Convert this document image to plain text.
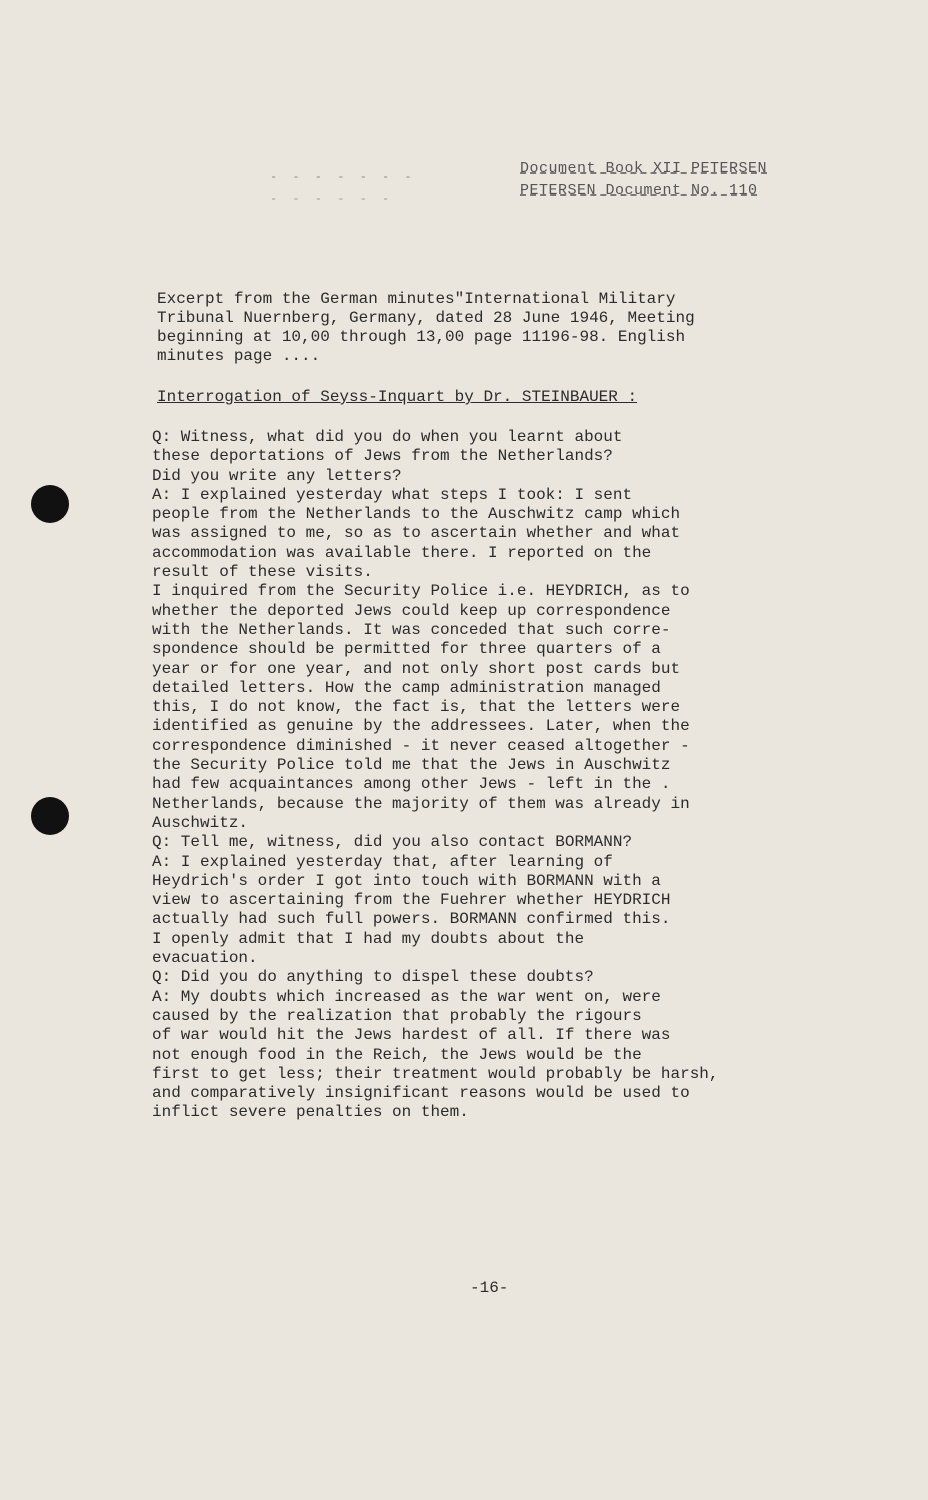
- - - - - - -
- - - - - -
Document Book XII PETERSEN
PETERSEN Document No. 110
Excerpt from the German minutes"International Military
Tribunal Nuernberg, Germany, dated 28 June 1946, Meeting
beginning at 10,00 through 13,00 page 11196-98. English
minutes page ....
Interrogation of Seyss-Inquart by Dr. STEINBAUER :
Q: Witness, what did you do when you learnt about
these deportations of Jews from the Netherlands?
Did you write any letters?
A: I explained yesterday what steps I took: I sent
people from the Netherlands to the Auschwitz camp which
was assigned to me, so as to ascertain whether and what
accommodation was available there. I reported on the
result of these visits.
I inquired from the Security Police i.e. HEYDRICH, as to
whether the deported Jews could keep up correspondence
with the Netherlands. It was conceded that such corre-
spondence should be permitted for three quarters of a
year or for one year, and not only short post cards but
detailed letters. How the camp administration managed
this, I do not know, the fact is, that the letters were
identified as genuine by the addressees. Later, when the
correspondence diminished - it never ceased altogether -
the Security Police told me that the Jews in Auschwitz
had few acquaintances among other Jews - left in the .
Netherlands, because the majority of them was already in
Auschwitz.
Q: Tell me, witness, did you also contact BORMANN?
A: I explained yesterday that, after learning of
Heydrich's order I got into touch with BORMANN with a
view to ascertaining from the Fuehrer whether HEYDRICH
actually had such full powers. BORMANN confirmed this.
I openly admit that I had my doubts about the
evacuation.
Q: Did you do anything to dispel these doubts?
A: My doubts which increased as the war went on, were
caused by the realization that probably the rigours
of war would hit the Jews hardest of all. If there was
not enough food in the Reich, the Jews would be the
first to get less; their treatment would probably be harsh,
and comparatively insignificant reasons would be used to
inflict severe penalties on them.
-16-
